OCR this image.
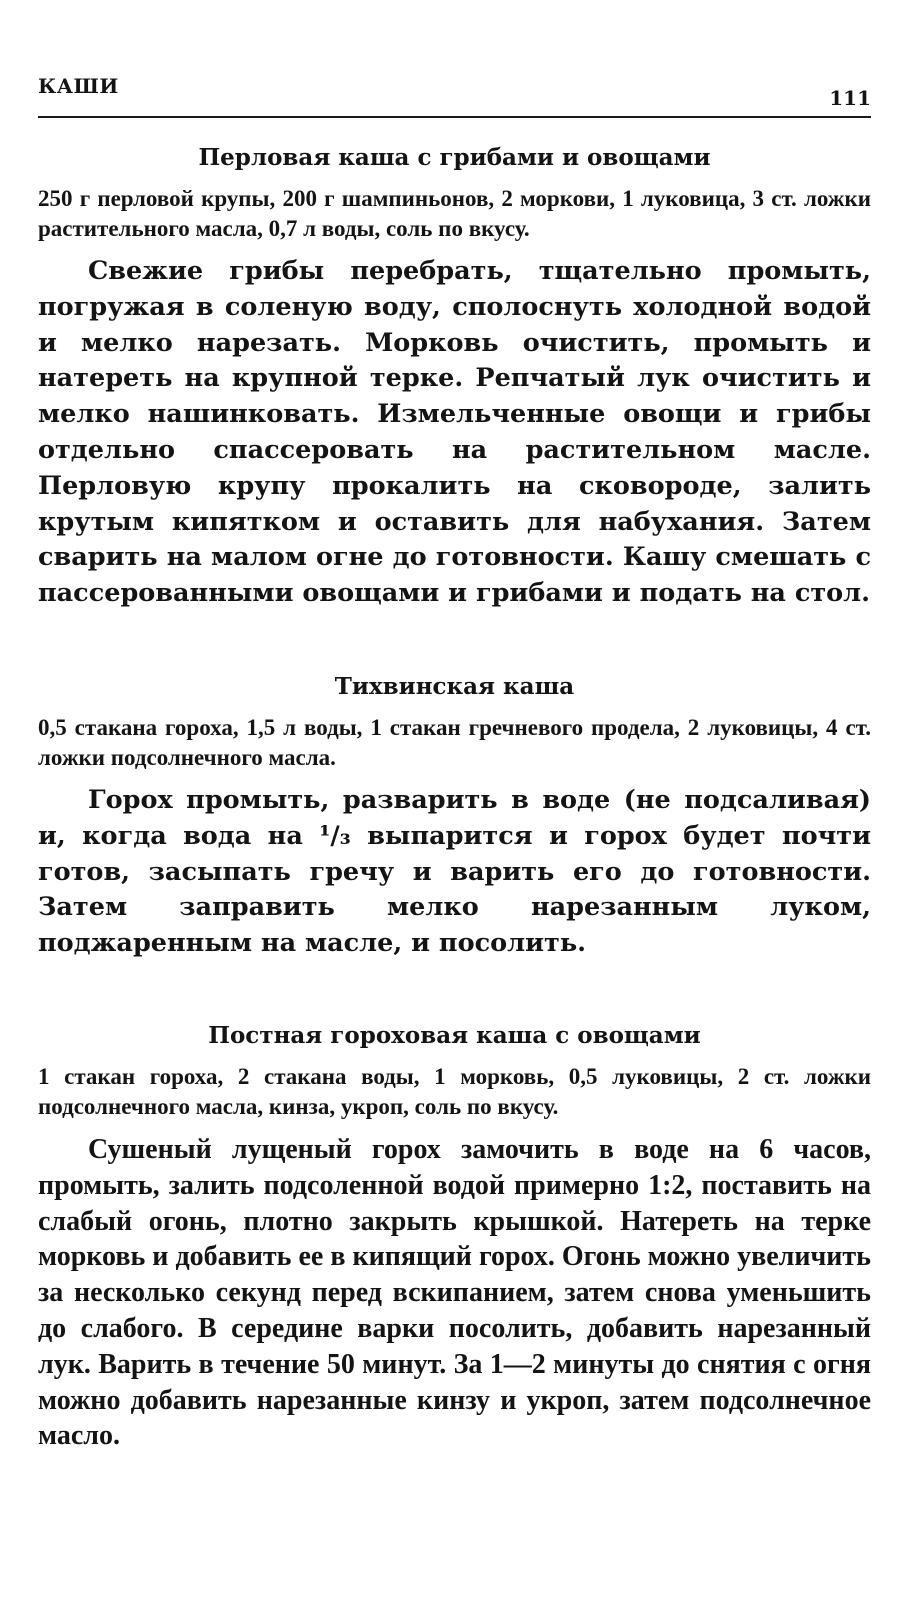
КАШИ	111
Перловая каша с грибами и овощами

250 г перловой крупы, 200 г шампиньонов, 2 моркови, 1 луковица, 3 ст. ложки растительного масла, 0,7 л воды, соль по вкусу.

Свежие грибы перебрать, тщательно промыть, погружая в соленую воду, сполоснуть холодной водой и мелко нарезать. Морковь очистить, промыть и натереть на крупной терке. Репчатый лук очистить и мелко нашинковать. Измельченные овощи и грибы отдельно спассеровать на растительном масле. Перловую крупу прокалить на сковороде, залить крутым кипятком и оставить для набухания. Затем сварить на малом огне до готовности. Кашу смешать с пассерованными овощами и грибами и подать на стол.

Тихвинская каша

0,5 стакана гороха, 1,5 л воды, 1 стакан гречневого продела, 2 луковицы, 4 ст. ложки подсолнечного масла.

Горох промыть, разварить в воде (не подсаливая) и, когда вода на ¹/₃ выпарится и горох будет почти готов, засыпать гречу и варить его до готовности. Затем заправить мелко нарезанным луком, поджаренным на масле, и посолить.

Постная гороховая каша с овощами

1 стакан гороха, 2 стакана воды, 1 морковь, 0,5 луковицы, 2 ст. ложки подсолнечного масла, кинза, укроп, соль по вкусу.

Сушеный лущеный горох замочить в воде на 6 часов, промыть, залить подсоленной водой примерно 1:2, поставить на слабый огонь, плотно закрыть крышкой. Натереть на терке морковь и добавить ее в кипящий горох. Огонь можно увеличить за несколько секунд перед вскипанием, затем снова уменьшить до слабого. В середине варки посолить, добавить нарезанный лук. Варить в течение 50 минут. За 1—2 минуты до снятия с огня можно добавить нарезанные кинзу и укроп, затем подсолнечное масло.
